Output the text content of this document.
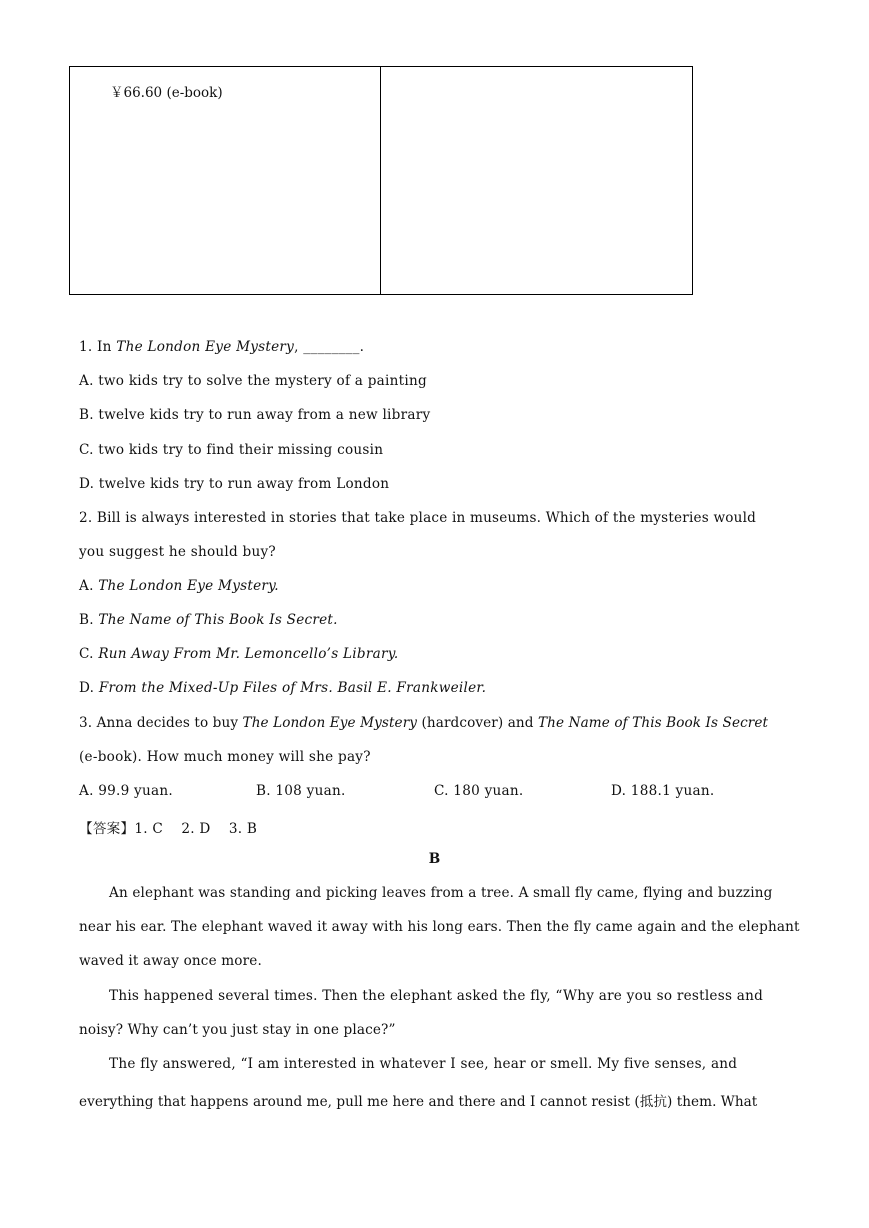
￥66.60 (e-book)
1. In The London Eye Mystery, ________.
A. two kids try to solve the mystery of a painting
B. twelve kids try to run away from a new library
C. two kids try to find their missing cousin
D. twelve kids try to run away from London
2. Bill is always interested in stories that take place in museums. Which of the mysteries would
you suggest he should buy?
A. The London Eye Mystery.
B. The Name of This Book Is Secret.
C. Run Away From Mr. Lemoncello’s Library.
D. From the Mixed-Up Files of Mrs. Basil E. Frankweiler.
3. Anna decides to buy The London Eye Mystery (hardcover) and The Name of This Book Is Secret
(e-book). How much money will she pay?
A. 99.9 yuan.	B. 108 yuan.	C. 180 yuan.	D. 188.1 yuan.
【答案】1. C    2. D    3. B
B
An elephant was standing and picking leaves from a tree. A small fly came, flying and buzzing
near his ear. The elephant waved it away with his long ears. Then the fly came again and the elephant
waved it away once more.
This happened several times. Then the elephant asked the fly, “Why are you so restless and
noisy? Why can’t you just stay in one place?”
The fly answered, “I am interested in whatever I see, hear or smell. My five senses, and
everything that happens around me, pull me here and there and I cannot resist (抵抗) them. What
